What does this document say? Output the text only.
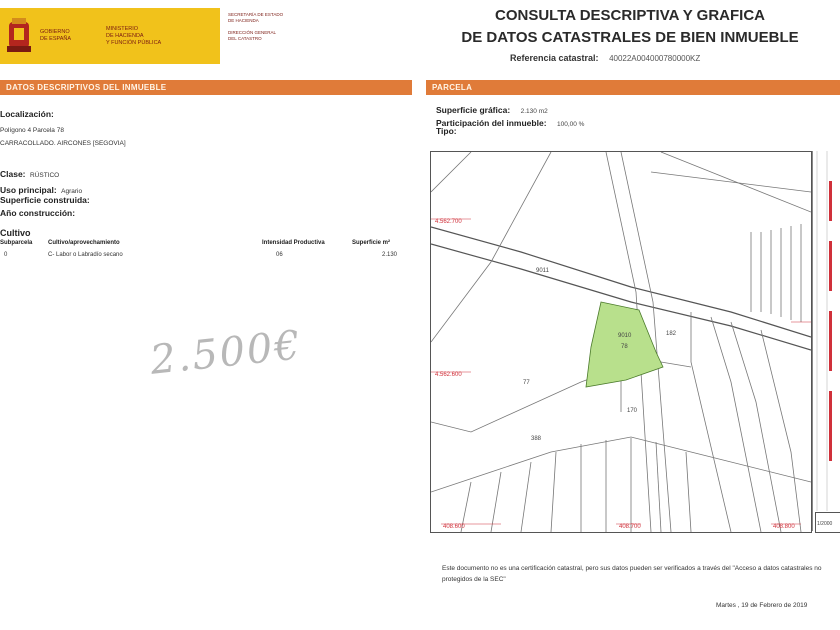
GOBIERNO
DE ESPAÑA
MINISTERIO
DE HACIENDA
Y FUNCIÓN PÚBLICA
SECRETARÍA DE ESTADO
DE HACIENDA

DIRECCIÓN GENERAL
DEL CATASTRO
CONSULTA DESCRIPTIVA Y GRAFICA
DE DATOS CATASTRALES DE BIEN INMUEBLE
Referencia catastral: 40022A004000780000KZ
DATOS DESCRIPTIVOS DEL INMUEBLE	PARCELA
Localización:
Polígono 4 Parcela 78
CARRACOLLADO. AIRCONES [SEGOVIA]
Clase: RÚSTICO
Uso principal: Agrario
Superficie construida:
Año construcción:
Cultivo
Subparcela	Cultivo/aprovechamiento	Intensidad Productiva	Superficie m²
0	C- Labor o Labradío secano	06	2.130
2.500€
Superficie gráfica: 2.130 m2
Participación del inmueble: 100,00 %
Tipo:
4.562.700
4.562.600
408.600	408.700	408.800
9011
9010
78
182
77
170
388
1/2000
Este documento no es una certificación catastral, pero sus datos pueden ser verificados a través del "Acceso a datos catastrales no protegidos de la SEC"
Martes , 19 de Febrero de 2019
